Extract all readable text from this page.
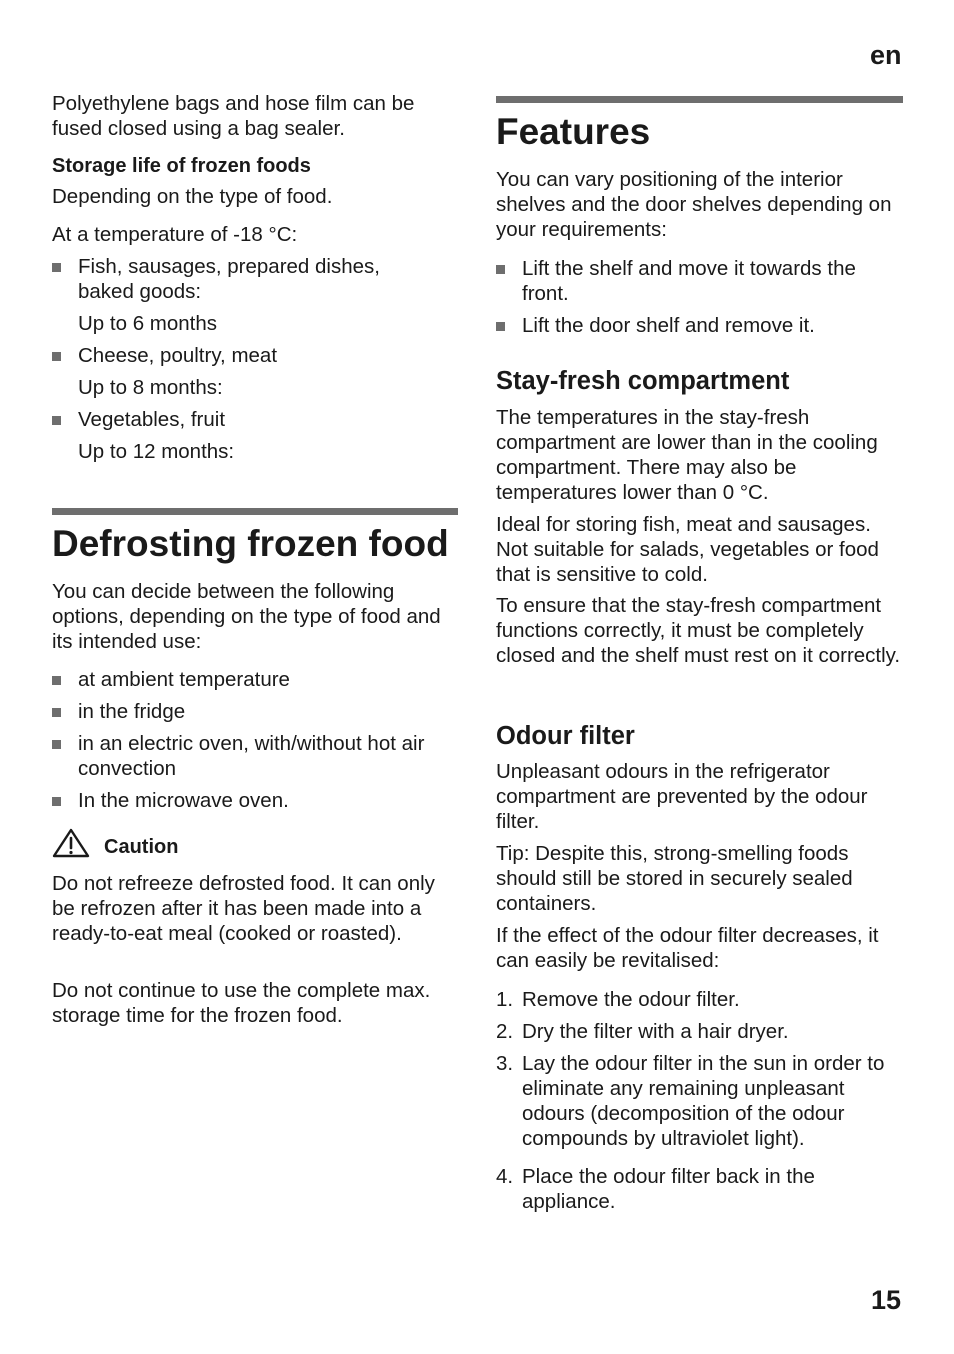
en
15

Polyethylene bags and hose film can be fused closed using a bag sealer.

Storage life of frozen foods

Depending on the type of food.

At a temperature of -18 °C:

Fish, sausages, prepared dishes, baked goods:
Up to 6 months
Cheese, poultry, meat
Up to 8 months:
Vegetables, fruit
Up to 12 months:
Defrosting frozen food

You can decide between the following options, depending on the type of food and its intended use:

at ambient temperature
in the fridge
in an electric oven, with/without hot air convection
In the microwave oven.
Caution

Do not refreeze defrosted food. It can only be refrozen after it has been made into a ready-to-eat meal (cooked or roasted).

Do not continue to use the complete max. storage time for the frozen food.

Features

You can vary positioning of the interior shelves and the door shelves depending on your requirements:

Lift the shelf and move it towards the front.
Lift the door shelf and remove it.
Stay-fresh compartment

The temperatures in the stay-fresh compartment are lower than in the cooling compartment. There may also be temperatures lower than 0 °C.

Ideal for storing fish, meat and sausages. Not suitable for salads, vegetables or food that is sensitive to cold.

To ensure that the stay-fresh compartment functions correctly, it must be completely closed and the shelf must rest on it correctly.

Odour filter

Unpleasant odours in the refrigerator compartment are prevented by the odour filter.

Tip: Despite this, strong-smelling foods should still be stored in securely sealed containers.

If the effect of the odour filter decreases, it can easily be revitalised:

1. Remove the odour filter.
2. Dry the filter with a hair dryer.
3. Lay the odour filter in the sun in order to eliminate any remaining unpleasant odours (decomposition of the odour compounds by ultraviolet light).
4. Place the odour filter back in the appliance.
